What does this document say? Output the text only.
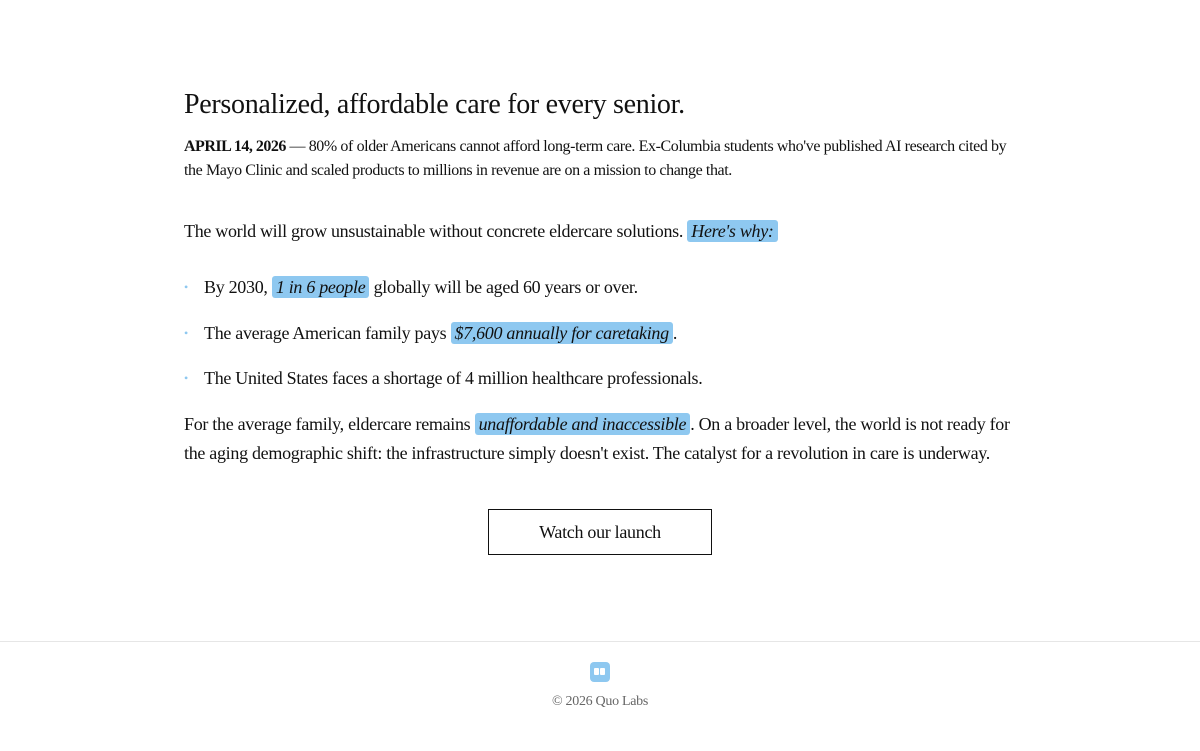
Personalized, affordable care for every senior.

APRIL 14, 2026 — 80% of older Americans cannot afford long-term care. Ex-Columbia students who've published AI research cited by the Mayo Clinic and scaled products to millions in revenue are on a mission to change that.

The world will grow unsustainable without concrete eldercare solutions. Here's why:

• By 2030, 1 in 6 people globally will be aged 60 years or over.
• The average American family pays $7,600 annually for caretaking .
• The United States faces a shortage of 4 million healthcare professionals.

For the average family, eldercare remains unaffordable and inaccessible . On a broader level, the world is not ready for the aging demographic shift: the infrastructure simply doesn't exist. The catalyst for a revolution in care is underway.

Watch our launch
© 2026 Quo Labs
